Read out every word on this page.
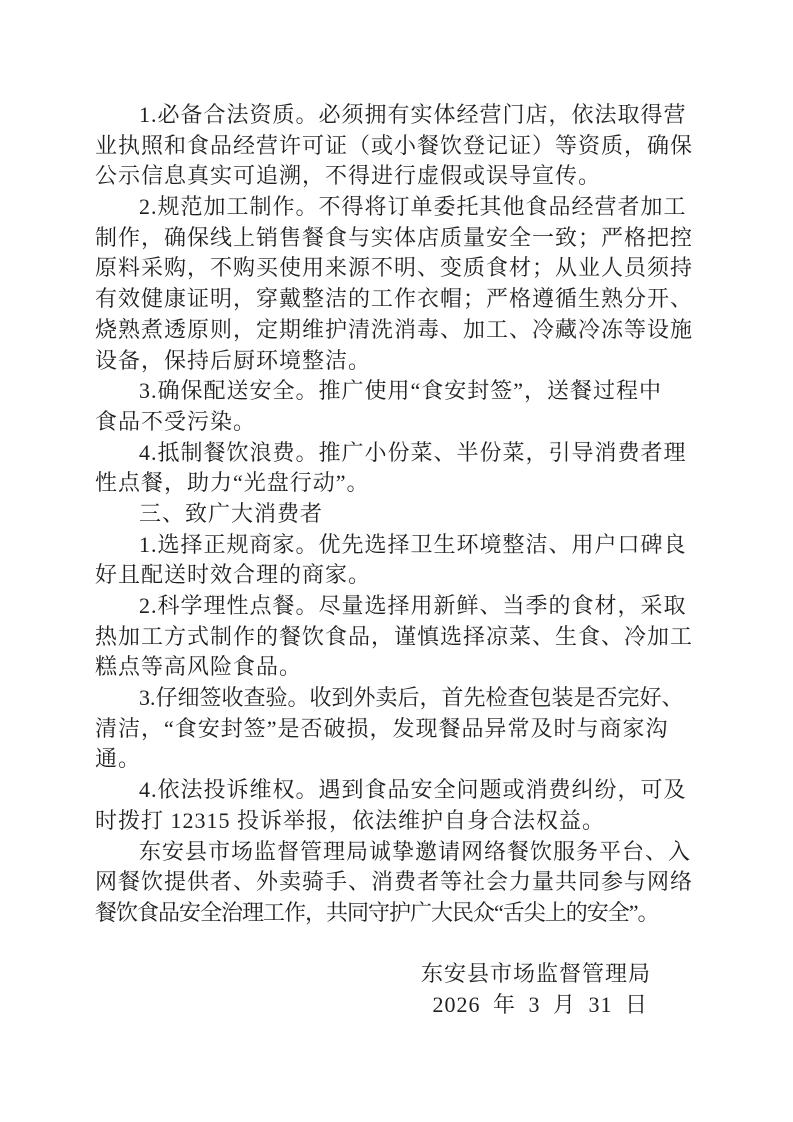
1.必备合法资质。必须拥有实体经营门店，依法取得营
业执照和食品经营许可证（或小餐饮登记证）等资质，确保
公示信息真实可追溯，不得进行虚假或误导宣传。
2.规范加工制作。不得将订单委托其他食品经营者加工
制作，确保线上销售餐食与实体店质量安全一致；严格把控
原料采购，不购买使用来源不明、变质食材；从业人员须持
有效健康证明，穿戴整洁的工作衣帽；严格遵循生熟分开、
烧熟煮透原则，定期维护清洗消毒、加工、冷藏冷冻等设施
设备，保持后厨环境整洁。
3.确保配送安全。推广使用“食安封签”，送餐过程中
食品不受污染。
4.抵制餐饮浪费。推广小份菜、半份菜，引导消费者理
性点餐，助力“光盘行动”。
三、致广大消费者
1.选择正规商家。优先选择卫生环境整洁、用户口碑良
好且配送时效合理的商家。
2.科学理性点餐。尽量选择用新鲜、当季的食材，采取
热加工方式制作的餐饮食品，谨慎选择凉菜、生食、冷加工
糕点等高风险食品。
3.仔细签收查验。收到外卖后，首先检查包装是否完好、
清洁，“食安封签”是否破损，发现餐品异常及时与商家沟
通。
4.依法投诉维权。遇到食品安全问题或消费纠纷，可及
时拨打 12315 投诉举报，依法维护自身合法权益。
东安县市场监督管理局诚挚邀请网络餐饮服务平台、入
网餐饮提供者、外卖骑手、消费者等社会力量共同参与网络
餐饮食品安全治理工作，共同守护广大民众“舌尖上的安全”。
东安县市场监督管理局
2026 年 3 月 31 日
